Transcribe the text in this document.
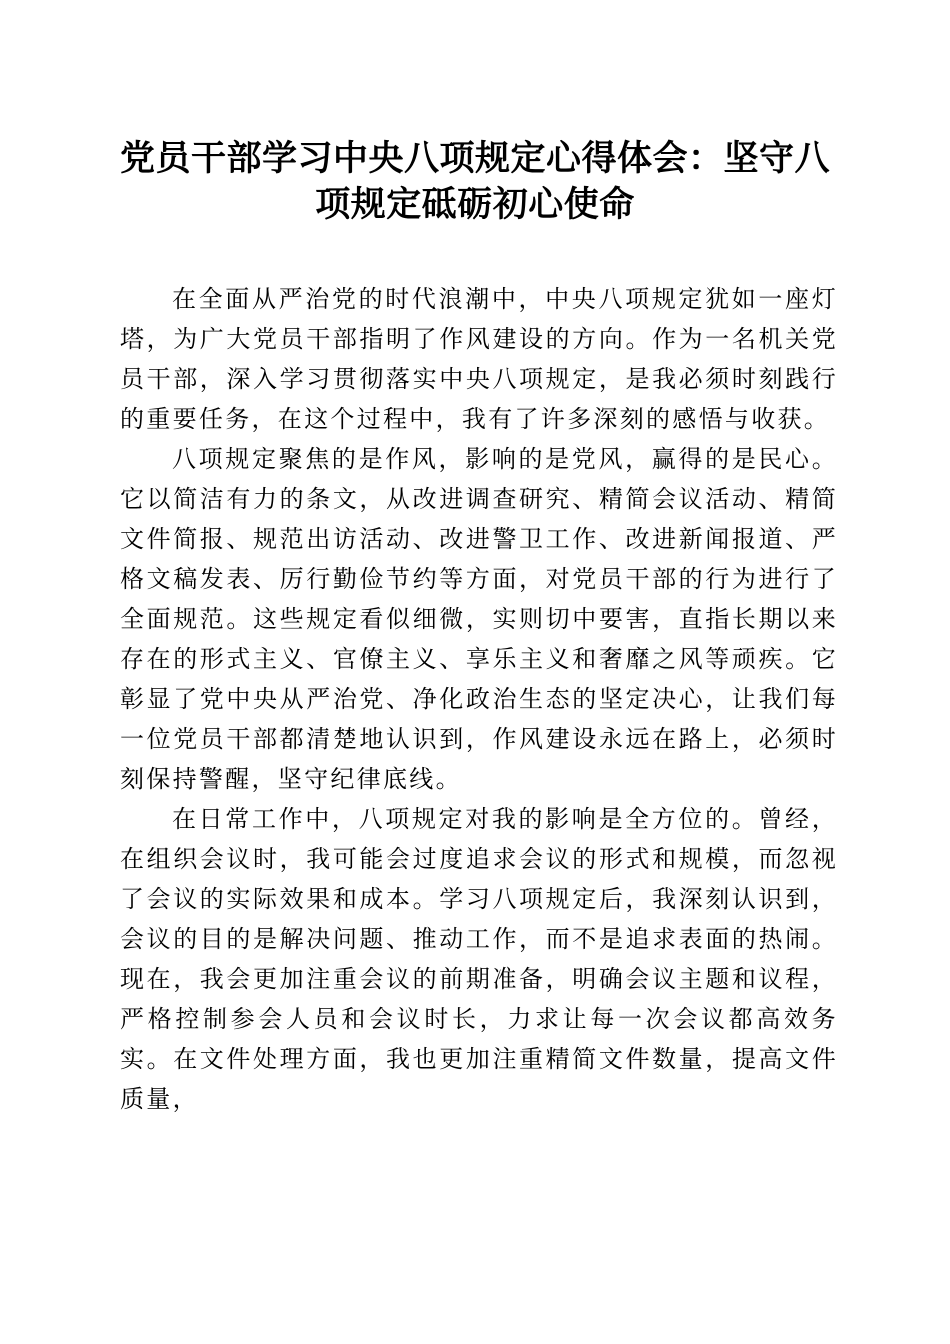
党员干部学习中央八项规定心得体会：坚守八项规定砥砺初心使命

在全面从严治党的时代浪潮中，中央八项规定犹如一座灯塔，为广大党员干部指明了作风建设的方向。作为一名机关党员干部，深入学习贯彻落实中央八项规定，是我必须时刻践行的重要任务，在这个过程中，我有了许多深刻的感悟与收获。

八项规定聚焦的是作风，影响的是党风，赢得的是民心。它以简洁有力的条文，从改进调查研究、精简会议活动、精简文件简报、规范出访活动、改进警卫工作、改进新闻报道、严格文稿发表、厉行勤俭节约等方面，对党员干部的行为进行了全面规范。这些规定看似细微，实则切中要害，直指长期以来存在的形式主义、官僚主义、享乐主义和奢靡之风等顽疾。它彰显了党中央从严治党、净化政治生态的坚定决心，让我们每一位党员干部都清楚地认识到，作风建设永远在路上，必须时刻保持警醒，坚守纪律底线。

在日常工作中，八项规定对我的影响是全方位的。曾经，在组织会议时，我可能会过度追求会议的形式和规模，而忽视了会议的实际效果和成本。学习八项规定后，我深刻认识到，会议的目的是解决问题、推动工作，而不是追求表面的热闹。现在，我会更加注重会议的前期准备，明确会议主题和议程，严格控制参会人员和会议时长，力求让每一次会议都高效务实。在文件处理方面，我也更加注重精简文件数量，提高文件质量，
